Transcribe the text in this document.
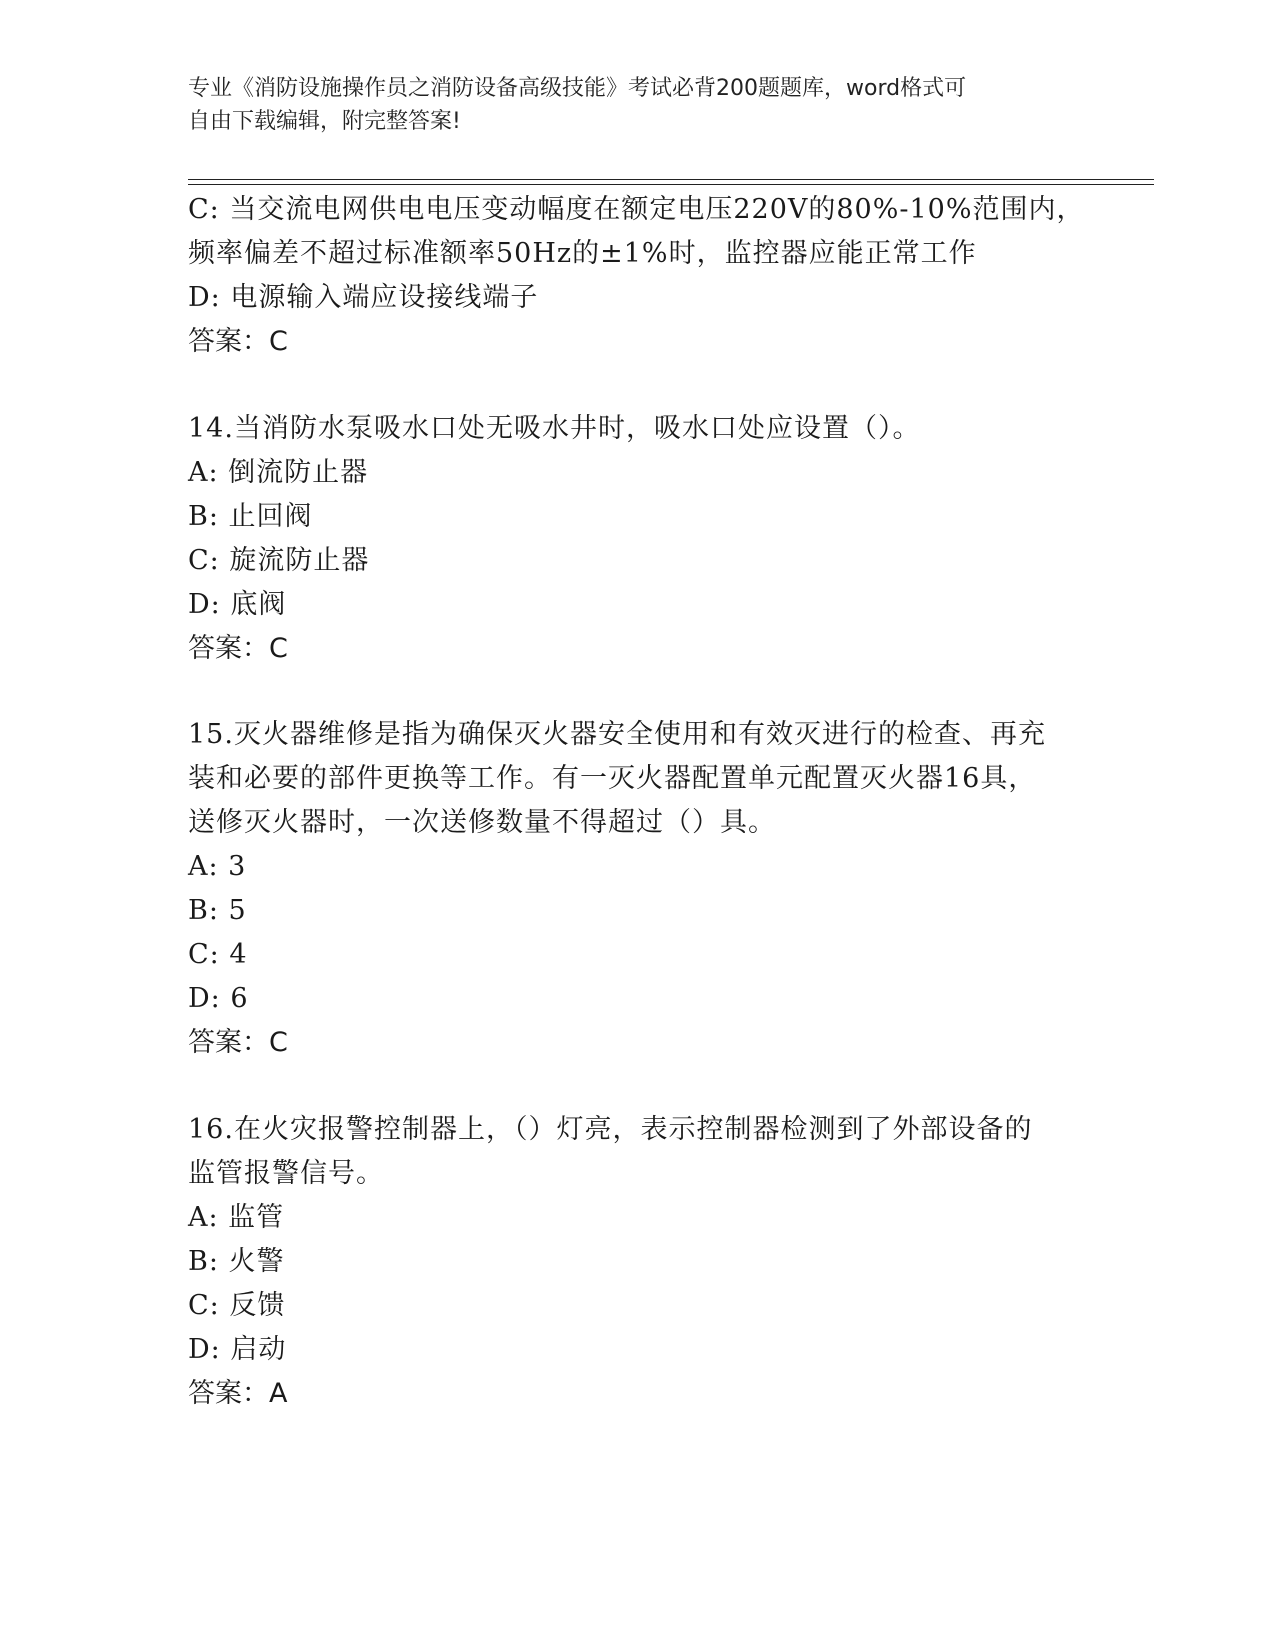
专业《消防设施操作员之消防设备高级技能》考试必背200题题库，word格式可
自由下载编辑，附完整答案!
C: 当交流电网供电电压变动幅度在额定电压220V的80%-10%范围内，
频率偏差不超过标准额率50Hz的±1%时，监控器应能正常工作
D: 电源输入端应设接线端子
答案：C
14.当消防水泵吸水口处无吸水井时，吸水口处应设置（）。
A: 倒流防止器
B: 止回阀
C: 旋流防止器
D: 底阀
答案：C
15.灭火器维修是指为确保灭火器安全使用和有效灭进行的检查、再充
装和必要的部件更换等工作。有一灭火器配置单元配置灭火器16具，
送修灭火器时，一次送修数量不得超过（）具。
A: 3
B: 5
C: 4
D: 6
答案：C
16.在火灾报警控制器上，（）灯亮，表示控制器检测到了外部设备的
监管报警信号。
A: 监管
B: 火警
C: 反馈
D: 启动
答案：A
